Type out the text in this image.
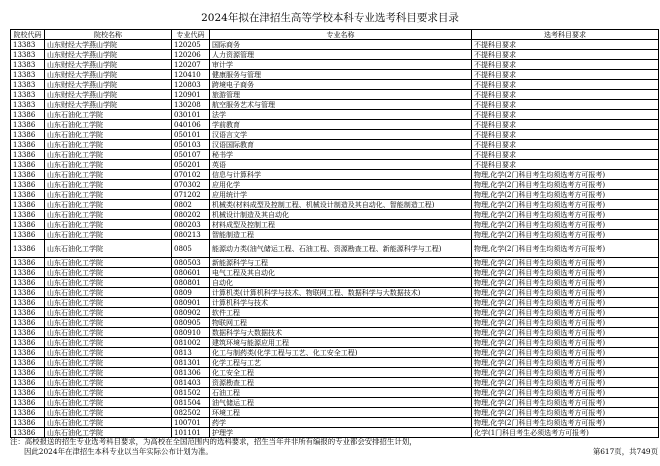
2024年拟在津招生高等学校本科专业选考科目要求目录
院校代码	院校名称	专业代码	专业名称	选考科目要求
13383	山东财经大学燕山学院	120205	国际商务	不提科目要求
13383	山东财经大学燕山学院	120206	人力资源管理	不提科目要求
13383	山东财经大学燕山学院	120207	审计学	不提科目要求
13383	山东财经大学燕山学院	120410	健康服务与管理	不提科目要求
13383	山东财经大学燕山学院	120803	跨境电子商务	不提科目要求
13383	山东财经大学燕山学院	120901	旅游管理	不提科目要求
13383	山东财经大学燕山学院	130208	航空服务艺术与管理	不提科目要求
13386	山东石油化工学院	030101	法学	不提科目要求
13386	山东石油化工学院	040106	学前教育	不提科目要求
13386	山东石油化工学院	050101	汉语言文学	不提科目要求
13386	山东石油化工学院	050103	汉语国际教育	不提科目要求
13386	山东石油化工学院	050107	秘书学	不提科目要求
13386	山东石油化工学院	050201	英语	不提科目要求
13386	山东石油化工学院	070102	信息与计算科学	物理,化学(2门科目考生均须选考方可报考)
13386	山东石油化工学院	070302	应用化学	物理,化学(2门科目考生均须选考方可报考)
13386	山东石油化工学院	071202	应用统计学	物理,化学(2门科目考生均须选考方可报考)
13386	山东石油化工学院	0802	机械类(材料成型及控制工程、机械设计制造及其自动化、智能制造工程)	物理,化学(2门科目考生均须选考方可报考)
13386	山东石油化工学院	080202	机械设计制造及其自动化	物理,化学(2门科目考生均须选考方可报考)
13386	山东石油化工学院	080203	材料成型及控制工程	物理,化学(2门科目考生均须选考方可报考)
13386	山东石油化工学院	080213	智能制造工程	物理,化学(2门科目考生均须选考方可报考)
13386	山东石油化工学院	0805	能源动力类(油气储运工程、石油工程、资源勘查工程、新能源科学与工程)	物理,化学(2门科目考生均须选考方可报考)
13386	山东石油化工学院	080503	新能源科学与工程	物理,化学(2门科目考生均须选考方可报考)
13386	山东石油化工学院	080601	电气工程及其自动化	物理,化学(2门科目考生均须选考方可报考)
13386	山东石油化工学院	080801	自动化	物理,化学(2门科目考生均须选考方可报考)
13386	山东石油化工学院	0809	计算机类(计算机科学与技术、物联网工程、数据科学与大数据技术)	物理,化学(2门科目考生均须选考方可报考)
13386	山东石油化工学院	080901	计算机科学与技术	物理,化学(2门科目考生均须选考方可报考)
13386	山东石油化工学院	080902	软件工程	物理,化学(2门科目考生均须选考方可报考)
13386	山东石油化工学院	080905	物联网工程	物理,化学(2门科目考生均须选考方可报考)
13386	山东石油化工学院	080910	数据科学与大数据技术	物理,化学(2门科目考生均须选考方可报考)
13386	山东石油化工学院	081002	建筑环境与能源应用工程	物理,化学(2门科目考生均须选考方可报考)
13386	山东石油化工学院	0813	化工与制药类(化学工程与工艺、化工安全工程)	物理,化学(2门科目考生均须选考方可报考)
13386	山东石油化工学院	081301	化学工程与工艺	物理,化学(2门科目考生均须选考方可报考)
13386	山东石油化工学院	081306	化工安全工程	物理,化学(2门科目考生均须选考方可报考)
13386	山东石油化工学院	081403	资源勘查工程	物理,化学(2门科目考生均须选考方可报考)
13386	山东石油化工学院	081502	石油工程	物理,化学(2门科目考生均须选考方可报考)
13386	山东石油化工学院	081504	油气储运工程	物理,化学(2门科目考生均须选考方可报考)
13386	山东石油化工学院	082502	环境工程	物理,化学(2门科目考生均须选考方可报考)
13386	山东石油化工学院	100701	药学	物理,化学(2门科目考生均须选考方可报考)
13386	山东石油化工学院	101101	护理学	化学(1门科目考生必须选考方可报考)
注：高校报送的招生专业选考科目要求，为高校在全国范围内的选科要求，招生当年并非所有编报的专业都会安排招生计划，
因此2024年在津招生本科专业以当年实际公布计划为准。	第617页，共749页
